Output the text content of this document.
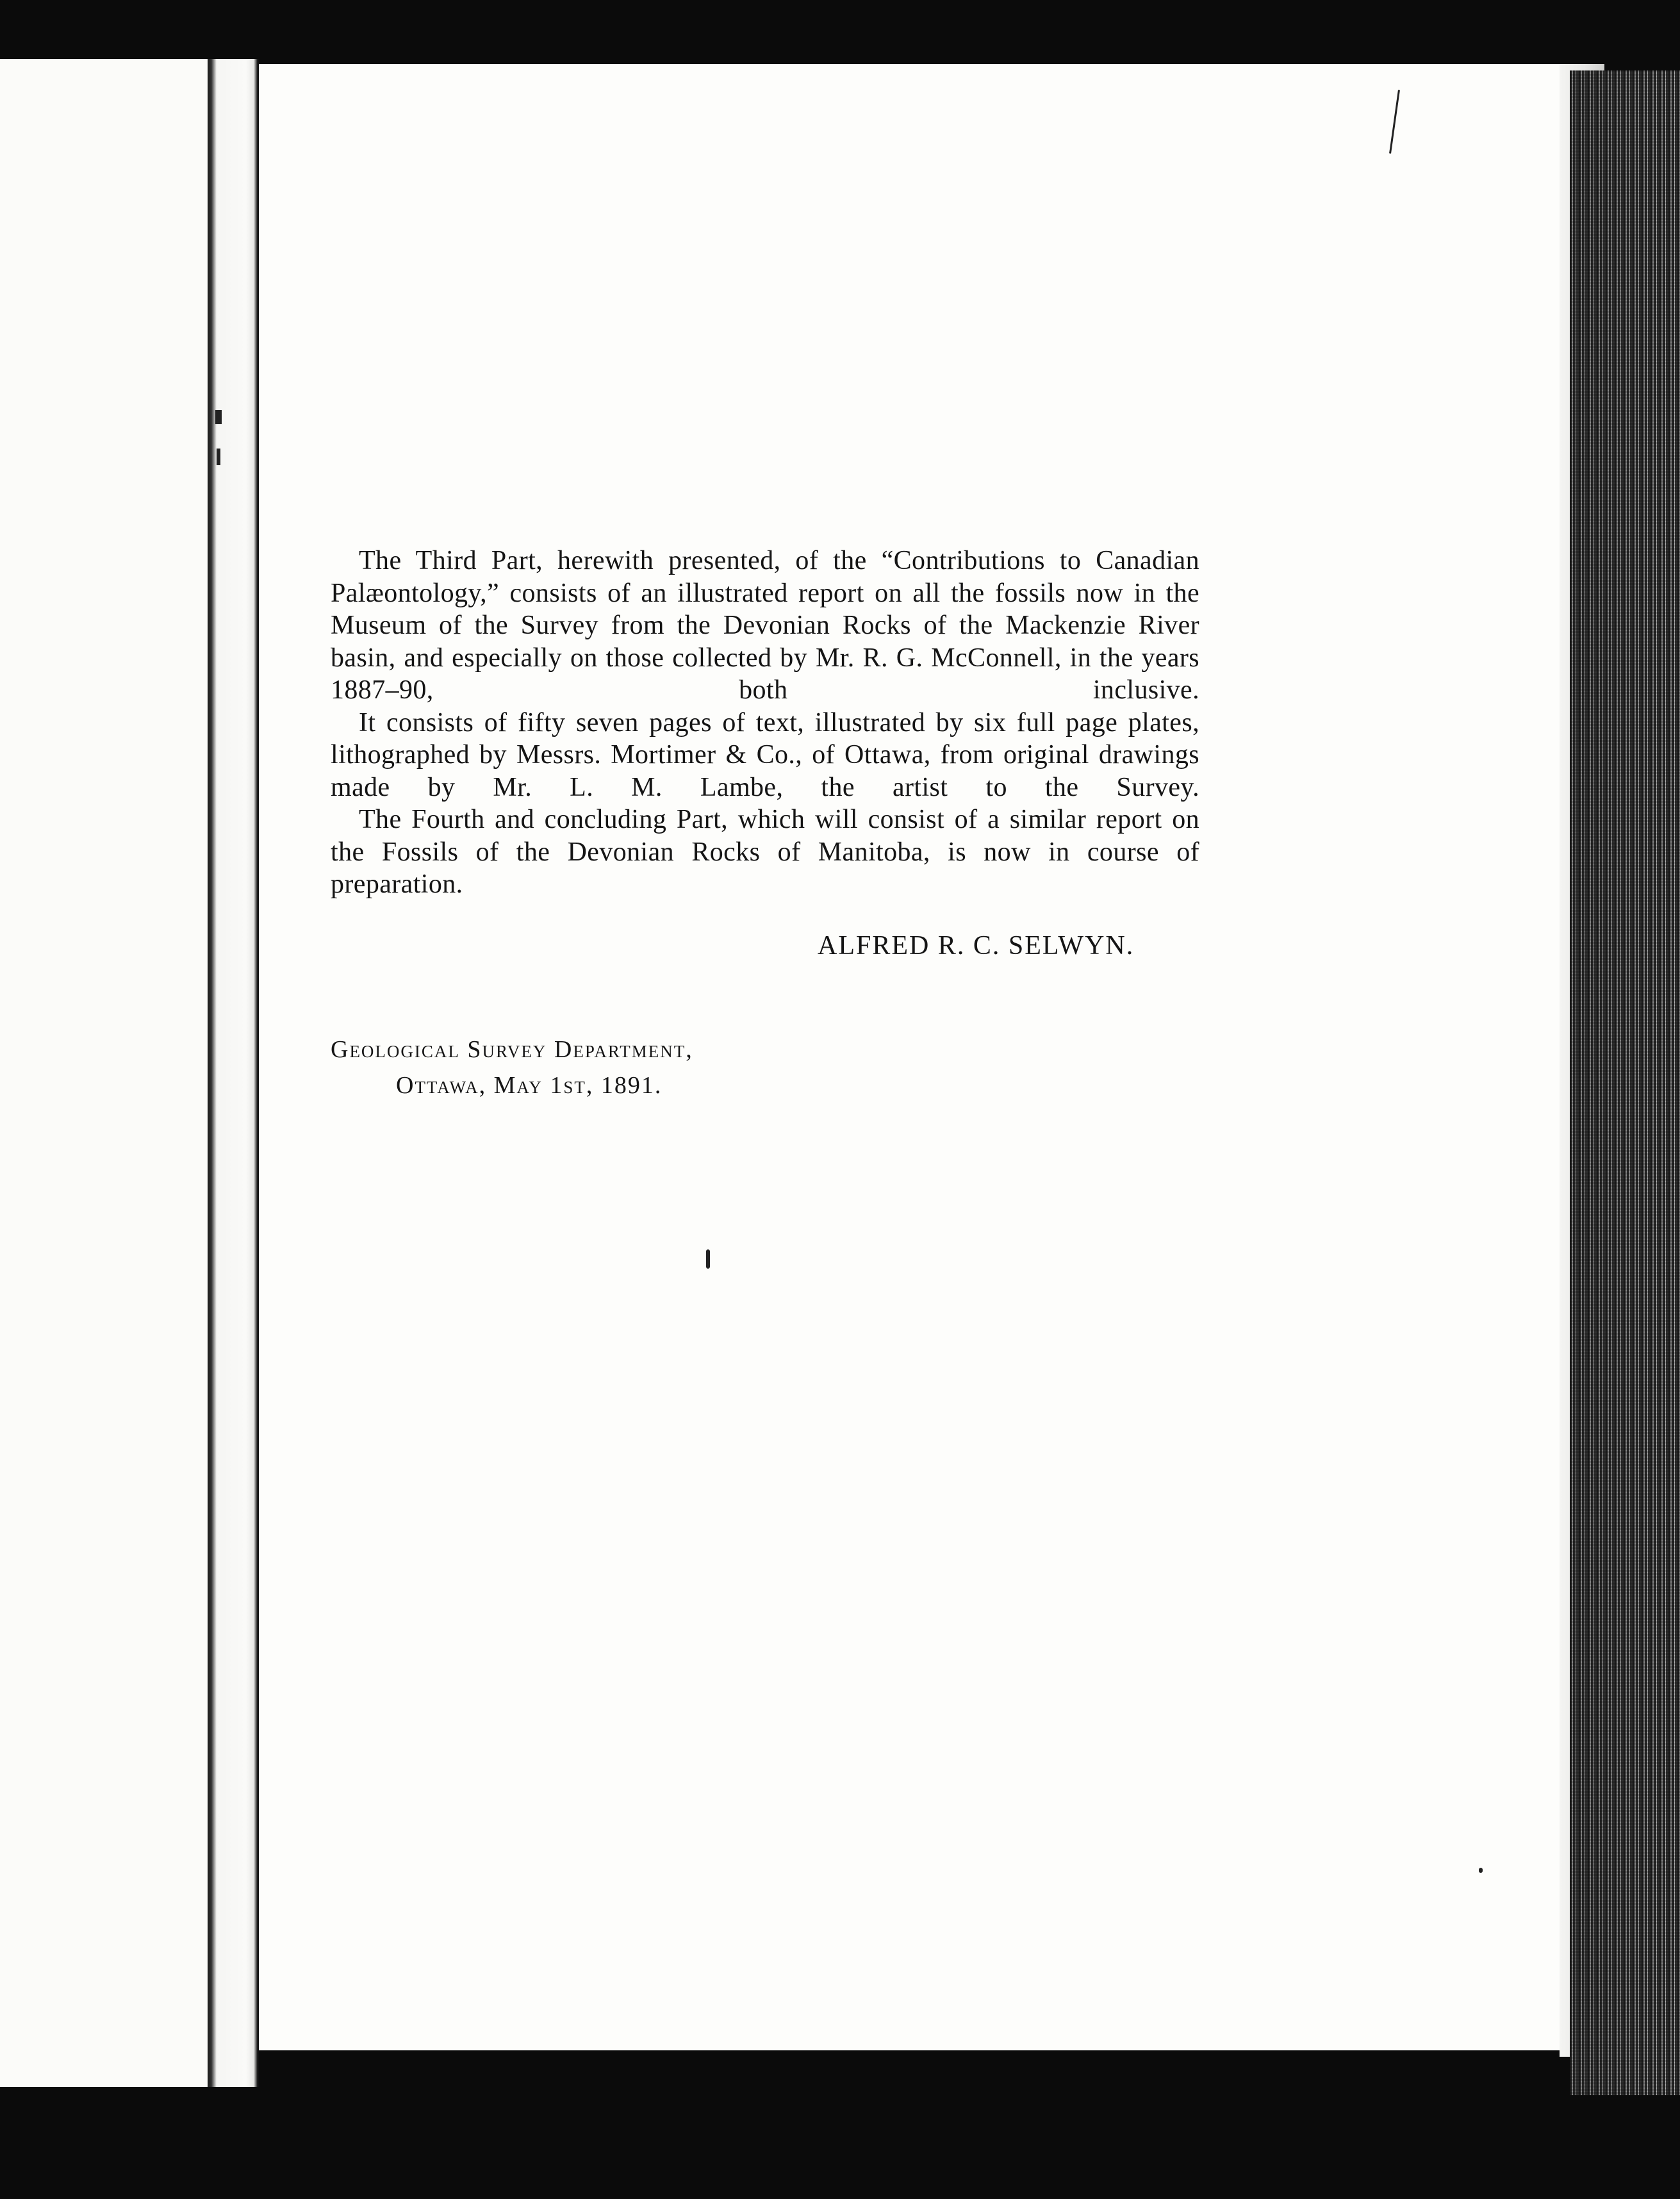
The Third Part, herewith presented, of the “Contributions to Canadian Palæontology,” consists of an illustrated report on all the fossils now in the Museum of the Survey from the Devonian Rocks of the Mackenzie River basin, and especially on those collected by Mr. R. G. McConnell, in the years 1887–90, both inclusive.

It consists of fifty seven pages of text, illustrated by six full page plates, lithographed by Messrs. Mortimer & Co., of Ottawa, from original drawings made by Mr. L. M. Lambe, the artist to the Survey.

The Fourth and concluding Part, which will consist of a similar report on the Fossils of the Devonian Rocks of Manitoba, is now in course of preparation.

ALFRED R. C. SELWYN.
Geological Survey Department,
Ottawa, May 1st, 1891.
